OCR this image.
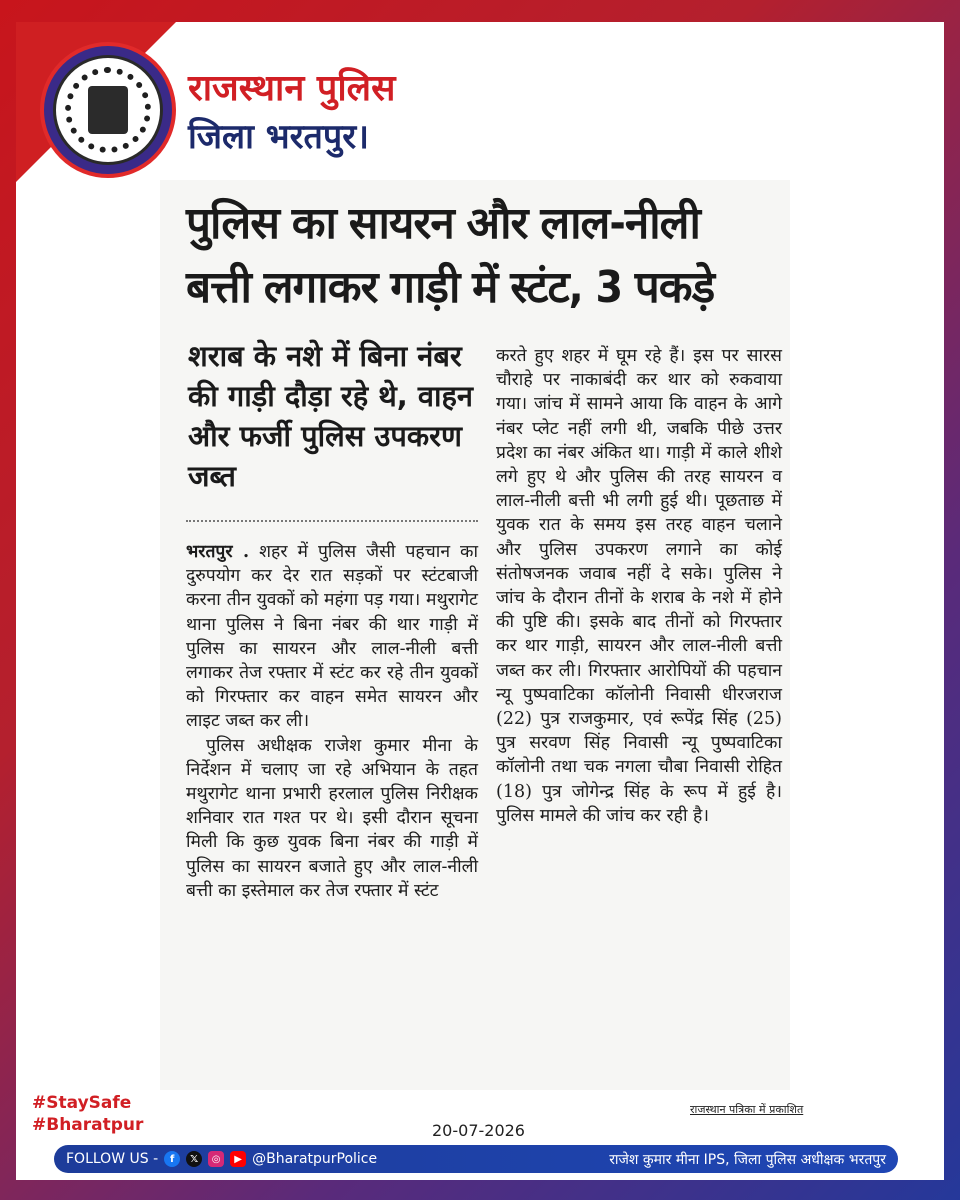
राजस्थान पुलिस
जिला भरतपुर।
पुलिस का सायरन और लाल-नीली
बत्ती लगाकर गाड़ी में स्टंट, 3 पकड़े
शराब के नशे में बिना नंबर की गाड़ी दौड़ा रहे थे, वाहन और फर्जी पुलिस उपकरण जब्त

भरतपुर . शहर में पुलिस जैसी पहचान का दुरुपयोग कर देर रात सड़कों पर स्टंटबाजी करना तीन युवकों को महंगा पड़ गया। मथुरागेट थाना पुलिस ने बिना नंबर की थार गाड़ी में पुलिस का सायरन और लाल-नीली बत्ती लगाकर तेज रफ्तार में स्टंट कर रहे तीन युवकों को गिरफ्तार कर वाहन समेत सायरन और लाइट जब्त कर ली।

पुलिस अधीक्षक राजेश कुमार मीना के निर्देशन में चलाए जा रहे अभियान के तहत मथुरागेट थाना प्रभारी हरलाल पुलिस निरीक्षक शनिवार रात गश्त पर थे। इसी दौरान सूचना मिली कि कुछ युवक बिना नंबर की गाड़ी में पुलिस का सायरन बजाते हुए और लाल-नीली बत्ती का इस्तेमाल कर तेज रफ्तार में स्टंट

करते हुए शहर में घूम रहे हैं। इस पर सारस चौराहे पर नाकाबंदी कर थार को रुकवाया गया। जांच में सामने आया कि वाहन के आगे नंबर प्लेट नहीं लगी थी, जबकि पीछे उत्तर प्रदेश का नंबर अंकित था। गाड़ी में काले शीशे लगे हुए थे और पुलिस की तरह सायरन व लाल-नीली बत्ती भी लगी हुई थी। पूछताछ में युवक रात के समय इस तरह वाहन चलाने और पुलिस उपकरण लगाने का कोई संतोषजनक जवाब नहीं दे सके। पुलिस ने जांच के दौरान तीनों के शराब के नशे में होने की पुष्टि की। इसके बाद तीनों को गिरफ्तार कर थार गाड़ी, सायरन और लाल-नीली बत्ती जब्त कर ली। गिरफ्तार आरोपियों की पहचान न्यू पुष्पवाटिका कॉलोनी निवासी धीरजराज (22) पुत्र राजकुमार, एवं रूपेंद्र सिंह (25) पुत्र सरवण सिंह निवासी न्यू पुष्पवाटिका कॉलोनी तथा चक नगला चौबा निवासी रोहित (18) पुत्र जोगेन्द्र सिंह के रूप में हुई है। पुलिस मामले की जांच कर रही है।

राजस्थान पत्रिका में प्रकाशित
#StaySafe
#Bharatpur	20-07-2026
FOLLOW US -	f	𝕏	◎	▶ @BharatpurPolice	राजेश कुमार मीना IPS, जिला पुलिस अधीक्षक भरतपुर
